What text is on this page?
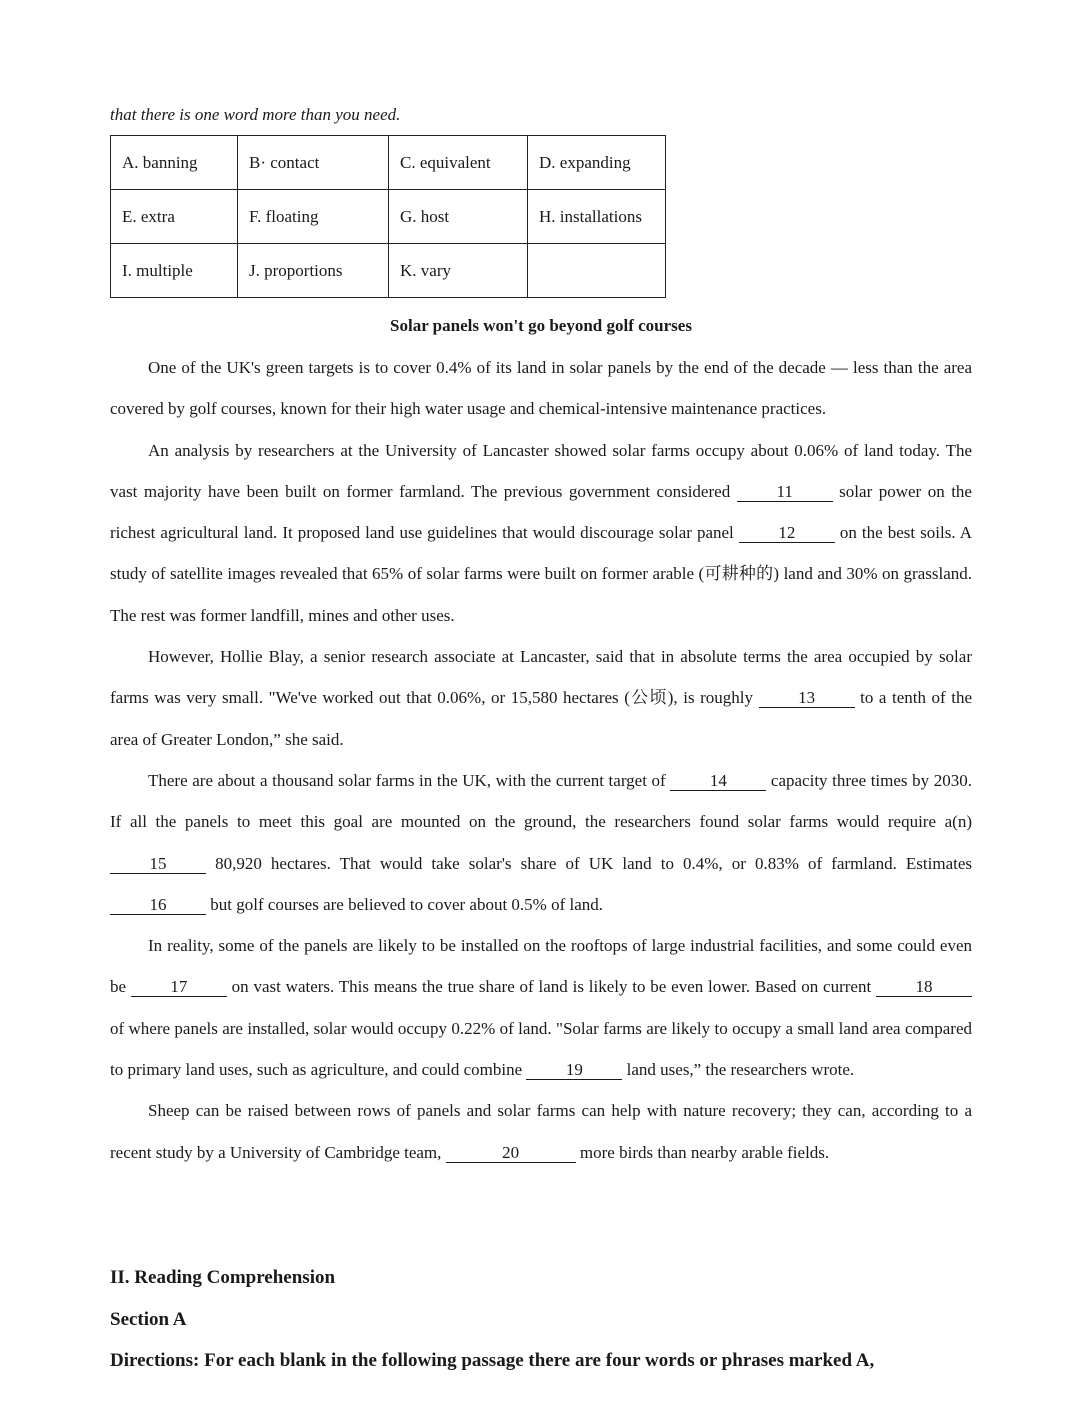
that there is one word more than you need.
A. banning	B· contact	C. equivalent	D. expanding
E. extra	F. floating	G. host	H. installations
I. multiple	J. proportions	K. vary	
Solar panels won't go beyond golf courses

One of the UK's green targets is to cover 0.4% of its land in solar panels by the end of the decade — less than the area covered by golf courses, known for their high water usage and chemical-intensive maintenance practices.

An analysis by researchers at the University of Lancaster showed solar farms occupy about 0.06% of land today. The vast majority have been built on former farmland. The previous government considered 11 solar power on the richest agricultural land. It proposed land use guidelines that would discourage solar panel 12 on the best soils. A study of satellite images revealed that 65% of solar farms were built on former arable (可耕种的) land and 30% on grassland. The rest was former landfill, mines and other uses.

However, Hollie Blay, a senior research associate at Lancaster, said that in absolute terms the area occupied by solar farms was very small. "We've worked out that 0.06%, or 15,580 hectares (公顷), is roughly 13 to a tenth of the area of Greater London,” she said.

There are about a thousand solar farms in the UK, with the current target of 14 capacity three times by 2030. If all the panels to meet this goal are mounted on the ground, the researchers found solar farms would require a(n) 15 80,920 hectares. That would take solar's share of UK land to 0.4%, or 0.83% of farmland. Estimates 16 but golf courses are believed to cover about 0.5% of land.

In reality, some of the panels are likely to be installed on the rooftops of large industrial facilities, and some could even be 17 on vast waters. This means the true share of land is likely to be even lower. Based on current 18 of where panels are installed, solar would occupy 0.22% of land. "Solar farms are likely to occupy a small land area compared to primary land uses, such as agriculture, and could combine 19 land uses,” the researchers wrote.

Sheep can be raised between rows of panels and solar farms can help with nature recovery; they can, according to a recent study by a University of Cambridge team,	20	more birds than nearby arable fields.

II. Reading Comprehension
Section A
Directions: For each blank in the following passage there are four words or phrases marked A,
